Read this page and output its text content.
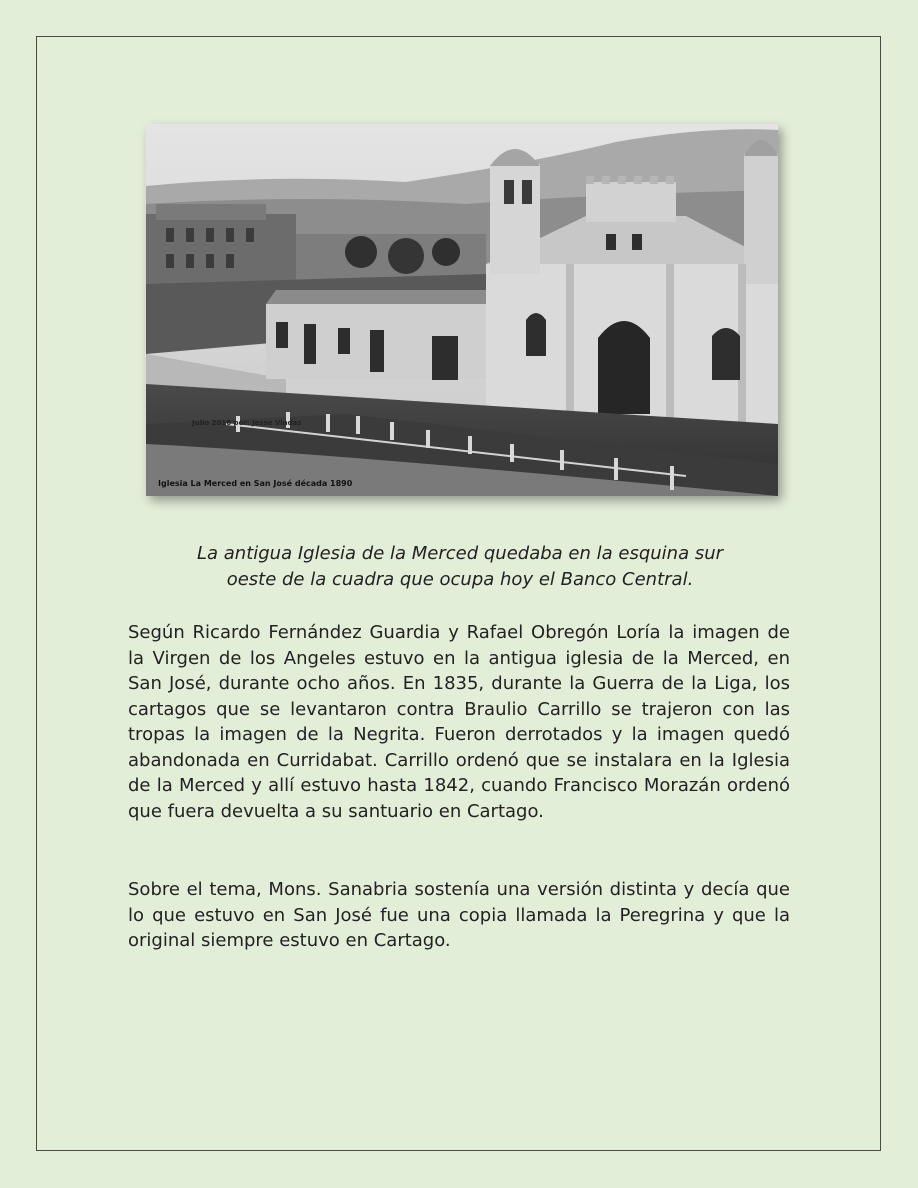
Julio 2016 por: Jesse Vindas
Iglesia La Merced en San José década 1890
La antigua Iglesia de la Merced quedaba en la esquina sur
oeste de la cuadra que ocupa hoy el Banco Central.

Según Ricardo Fernández Guardia y Rafael Obregón Loría la imagen de la Virgen de los Angeles estuvo en la antigua iglesia de la Merced, en San José, durante ocho años. En 1835, durante la Guerra de la Liga, los cartagos que se levantaron contra Braulio Carrillo se trajeron con las tropas la imagen de la Negrita. Fueron derrotados y la imagen quedó abandonada en Curridabat. Carrillo ordenó que se instalara en la Iglesia de la Merced y allí estuvo hasta 1842, cuando Francisco Morazán ordenó que fuera devuelta a su santuario en Cartago.

Sobre el tema, Mons. Sanabria sostenía una versión distinta y decía que lo que estuvo en San José fue una copia llamada la Peregrina y que la original siempre estuvo en Cartago.
